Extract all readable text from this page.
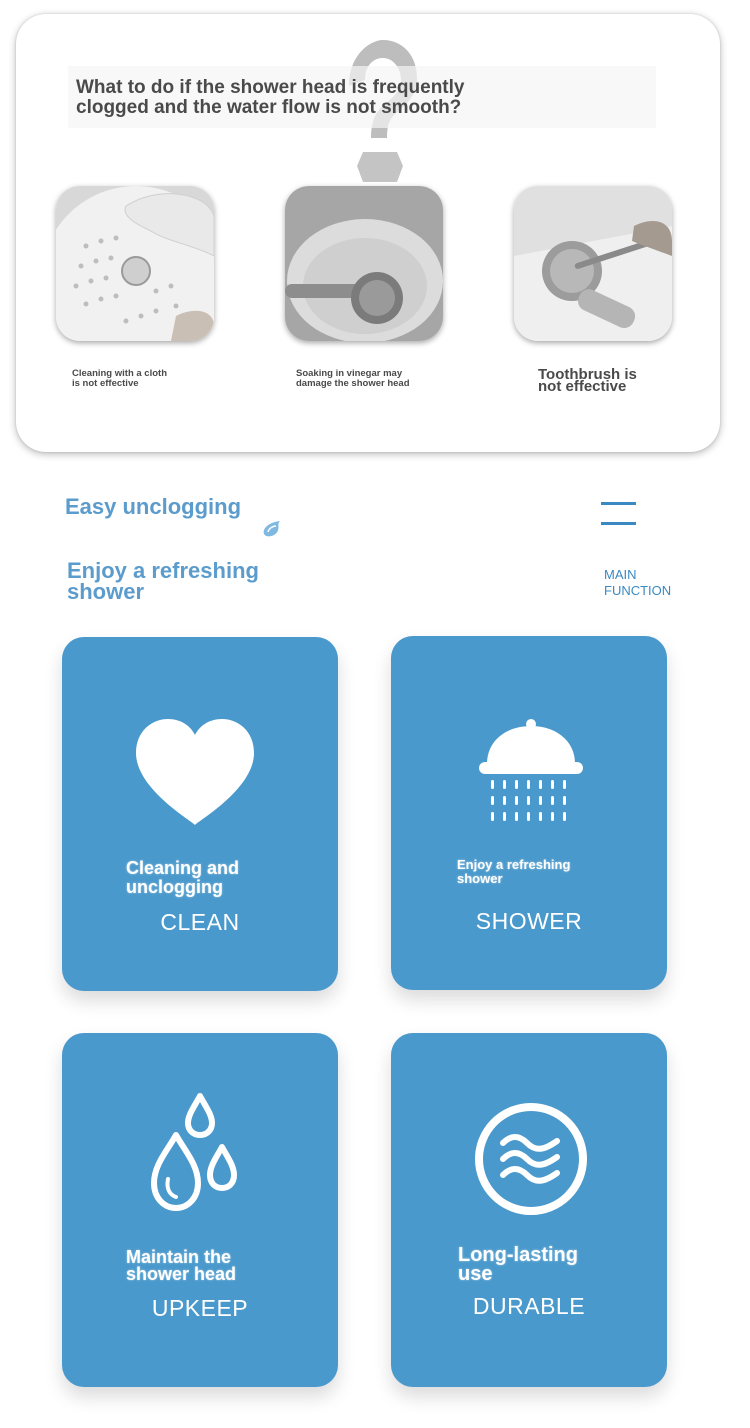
What to do if the shower head is frequently
clogged and the water flow is not smooth?
Cleaning with a cloth
is not effective
Soaking in vinegar may
damage the shower head
Toothbrush is
not effective
Easy unclogging
Enjoy a refreshing
shower
MAIN
FUNCTION
Cleaning and
unclogging
CLEAN
Enjoy a refreshing
shower
SHOWER
Maintain the
shower head
UPKEEP
Long-lasting
use
DURABLE
